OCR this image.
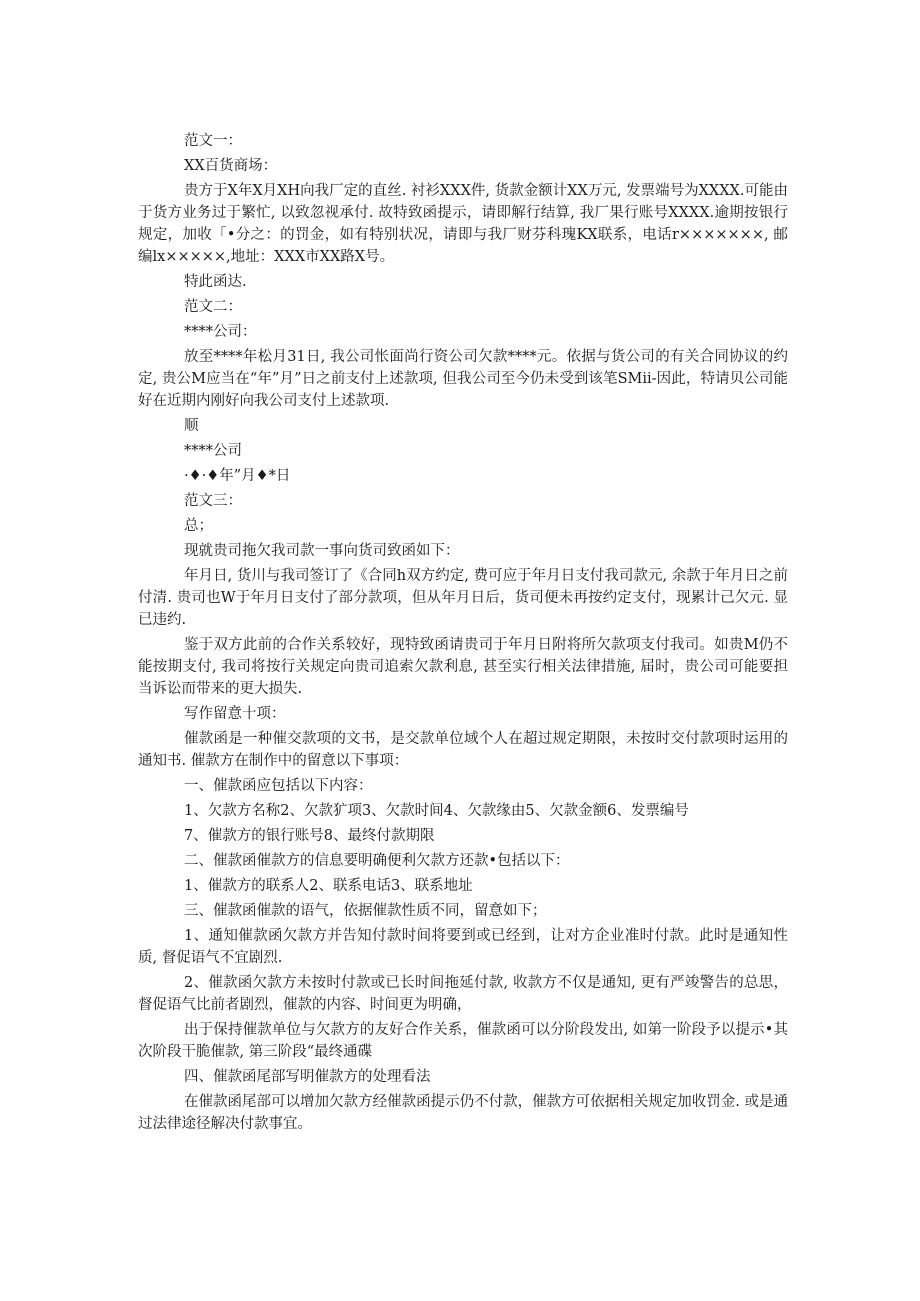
范文一：

XX百货商场：

贵方于X年X月XH向我厂定的直丝. 衬衫XXX件, 货款金额计XX万元, 发票端号为XXXX.可能由于货方业务过于繁忙, 以致忽视承付. 故特致函提示，请即解行结算, 我厂果行账号XXXX.逾期按银行规定，加收「•分之：的罚金，如有特别状况，请即与我厂财芬科瑰KX联系，电话r×××××××, 邮编lx×××××,地址：XXX市XX路X号。

特此函达.

范文二：

****公司：

放至****年松月31日, 我公司怅面尚行资公司欠款****元。依据与货公司的有关合同协议的约定, 贵公M应当在“年”月”日之前支付上述款项, 但我公司至今仍未受到该笔SMii-因此，特请贝公司能好在近期内刚好向我公司支付上述款项.

顺

****公司

·♦·♦年”月♦*日

范文三：

总；

现就贵司拖欠我司款一事向货司致函如下：

年月日, 货川与我司签订了《合同h双方约定, 费可应于年月日支付我司款元, 余款于年月日之前付清. 贵司也W于年月日支付了部分款项，但从年月日后，货司便未再按约定支付，现累计己欠元. 显已违约.

鉴于双方此前的合作关系较好，现特致函请贵司于年月日附将所欠款项支付我司。如贵M仍不能按期支付, 我司将按行关规定向贵司追索欠款利息, 甚至实行相关法律措施, 届时，贵公司可能要担当诉讼而带来的更大损失.

写作留意十项：

催款函是一种催交款项的文书，是交款单位域个人在超过规定期限，未按时交付款项时运用的通知书. 催款方在制作中的留意以下事项：

一、催款函应包括以下内容：

1、欠款方名称2、欠款犷项3、欠款时间4、欠款缘由5、欠款金额6、发票编号

7、催款方的银行账号8、最终付款期限

二、催款函催款方的信息要明确便利欠款方还款•包括以下：

1、催款方的联系人2、联系电话3、联系地址

三、催款函催款的语气，依据催款性质不同，留意如下；

1、通知催款函欠款方并告知付款时间将要到或已经到，让对方企业准时付款。此时是通知性质, 督促语气不宜剧烈.

2、催款函欠款方未按时付款或已长时间拖延付款, 收款方不仅是通知, 更有严竣警告的总思，督促语气比前者剧烈，催款的内容、时间更为明确，

出于保持催款单位与欠款方的友好合作关系，催款函可以分阶段发出, 如第一阶段予以提示•其次阶段干脆催款, 第三阶段“最终通碟

四、催款函尾部写明催款方的处理看法

在催款函尾部可以增加欠款方经催款函提示仍不付款，催款方可依据相关规定加收罚金. 或是通过法律途径解决付款事宜。
